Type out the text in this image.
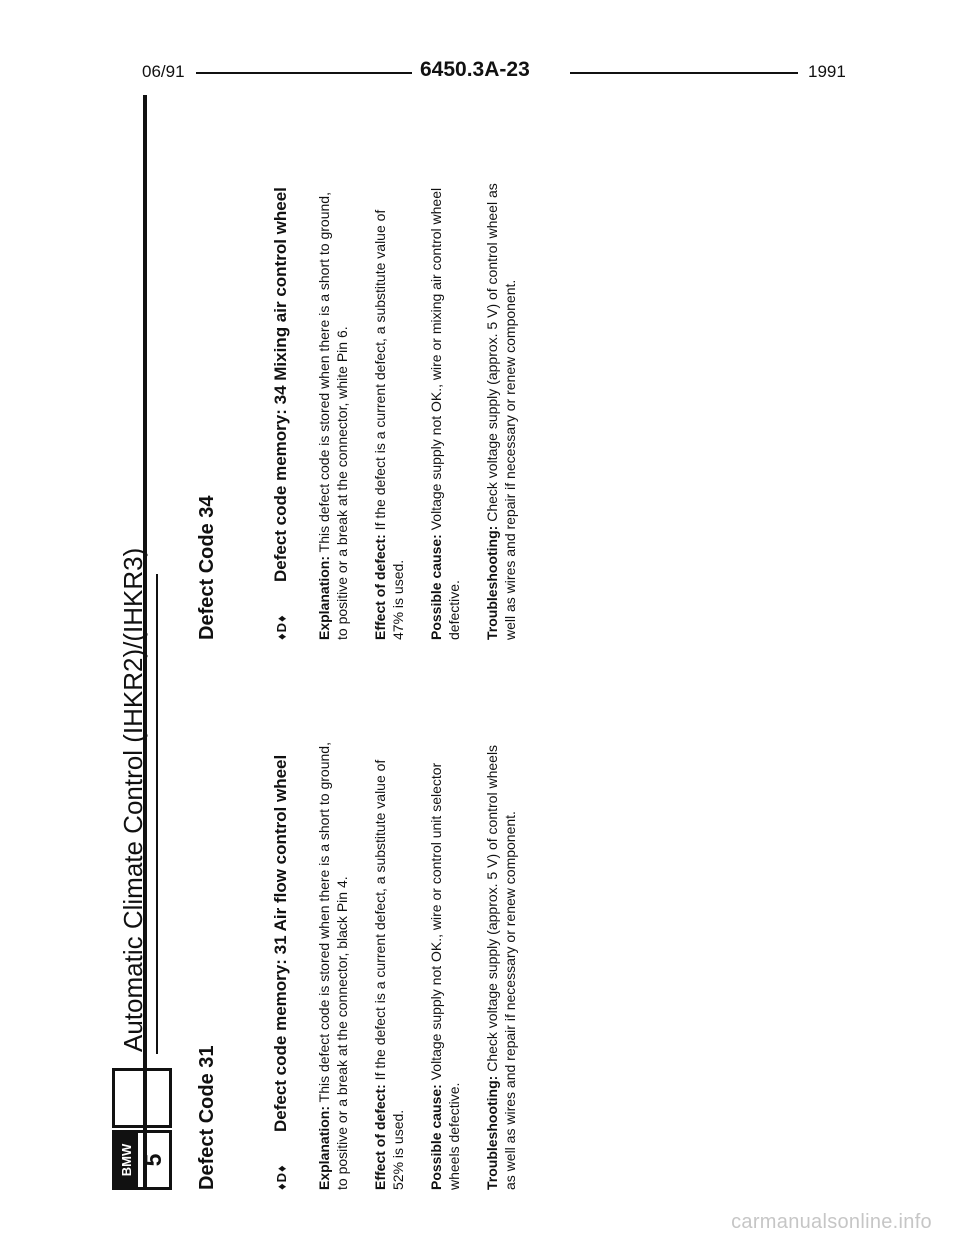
06/91	6450.3A-23	1991
BMW 5
Automatic Climate Control (IHKR2)/(IHKR3)
Defect Code 31	♦D♦Defect code memory: 31 Air flow control wheel

Explanation: This defect code is stored when there is a short to ground, to positive or a break at the connector, black Pin 4. Effect of defect: If the defect is a current defect, a substitute value of 52% is used. Possible cause: Voltage supply not OK., wire or control unit selector wheels defective. Troubleshooting: Check voltage supply (approx. 5 V) of control wheels as well as wires and repair if necessary or renew component.

Defect Code 34	♦D♦Defect code memory: 34 Mixing air control wheel

Explanation: This defect code is stored when there is a short to ground, to positive or a break at the connector, white Pin 6. Effect of defect: If the defect is a current defect, a substitute value of 47% is used. Possible cause: Voltage supply not OK., wire or mixing air control wheel defective. Troubleshooting: Check voltage supply (approx. 5 V) of control wheel as well as wires and repair if necessary or renew component.

carmanualsonline.info
